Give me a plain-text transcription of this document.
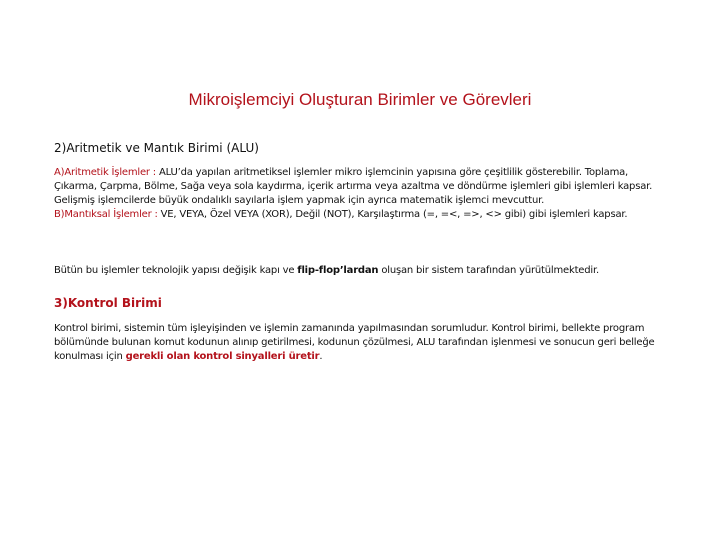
Mikroişlemciyi Oluşturan Birimler ve Görevleri
2)Aritmetik ve Mantık Birimi (ALU)
A)Aritmetik İşlemler : ALU’da yapılan aritmetiksel işlemler mikro işlemcinin yapısına göre çeşitlilik gösterebilir. Toplama, Çıkarma, Çarpma, Bölme, Sağa veya sola kaydırma, içerik artırma veya azaltma ve döndürme işlemleri gibi işlemleri kapsar. Gelişmiş işlemcilerde büyük ondalıklı sayılarla işlem yapmak için ayrıca matematik işlemci mevcuttur.
B)Mantıksal İşlemler : VE, VEYA, Özel VEYA (XOR), Değil (NOT), Karşılaştırma (=, =<, =>, <> gibi) gibi işlemleri kapsar.
Bütün bu işlemler teknolojik yapısı değişik kapı ve flip-flop’lardan oluşan bir sistem tarafından yürütülmektedir.
3)Kontrol Birimi
Kontrol birimi, sistemin tüm işleyişinden ve işlemin zamanında yapılmasından sorumludur. Kontrol birimi, bellekte program bölümünde bulunan komut kodunun alınıp getirilmesi, kodunun çözülmesi, ALU tarafından işlenmesi ve sonucun geri belleğe konulması için gerekli olan kontrol sinyalleri üretir.
